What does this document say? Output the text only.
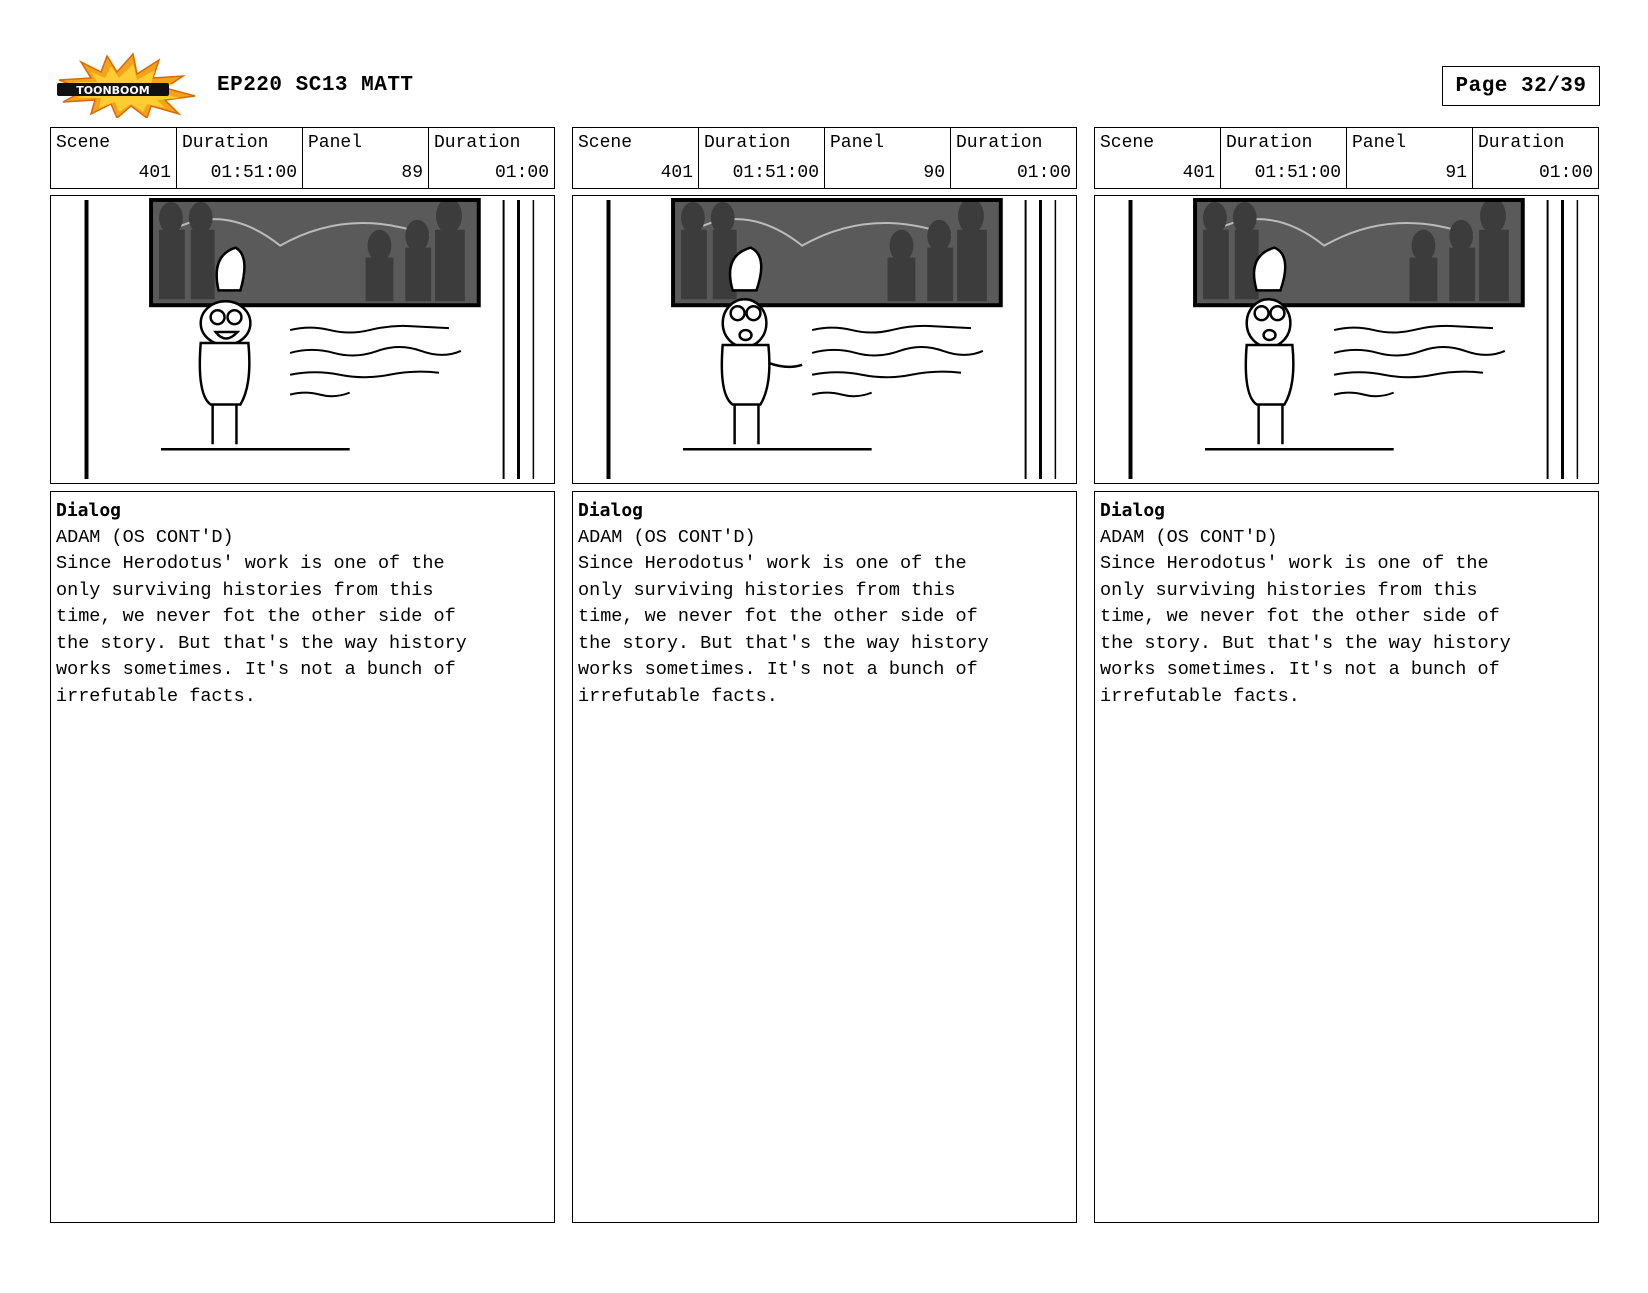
TOONBOOM	EP220 SC13 MATT	Page 32/39
Scene
401
Duration
01:51:00
Panel
89
Duration
01:00
Dialog
ADAM (OS CONT'D)
Since Herodotus' work is one of the
only surviving histories from this
time, we never fot the other side of
the story. But that's the way history
works sometimes. It's not a bunch of
irrefutable facts.
Scene
401
Duration
01:51:00
Panel
90
Duration
01:00
Dialog
ADAM (OS CONT'D)
Since Herodotus' work is one of the
only surviving histories from this
time, we never fot the other side of
the story. But that's the way history
works sometimes. It's not a bunch of
irrefutable facts.
Scene
401
Duration
01:51:00
Panel
91
Duration
01:00
Dialog
ADAM (OS CONT'D)
Since Herodotus' work is one of the
only surviving histories from this
time, we never fot the other side of
the story. But that's the way history
works sometimes. It's not a bunch of
irrefutable facts.
